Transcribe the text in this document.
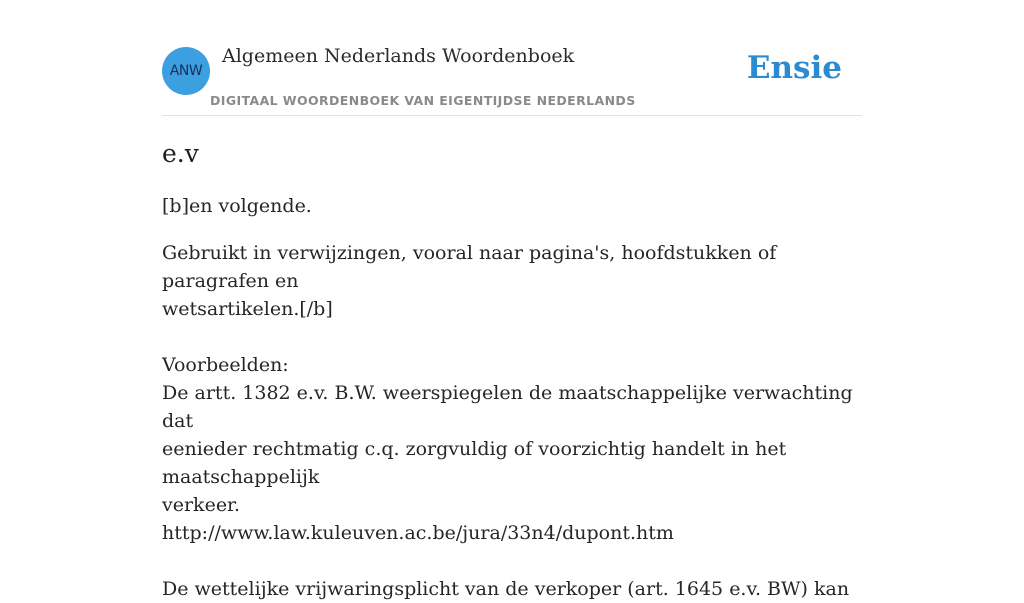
ANW
Algemeen Nederlands Woordenboek
DIGITAAL WOORDENBOEK VAN EIGENTIJDSE NEDERLANDS
Ensie
e.v

[b]en volgende.

Gebruikt in verwijzingen, vooral naar pagina's, hoofdstukken of paragrafen en
wetsartikelen.[/b]
Voorbeelden:
De artt. 1382 e.v. B.W. weerspiegelen de maatschappelijke verwachting dat
eenieder rechtmatig c.q. zorgvuldig of voorzichtig handelt in het maatschappelijk
verkeer.
http://www.law.kuleuven.ac.be/jura/33n4/dupont.htm
De wettelijke vrijwaringsplicht van de verkoper (art. 1645 e.v. BW) kan
